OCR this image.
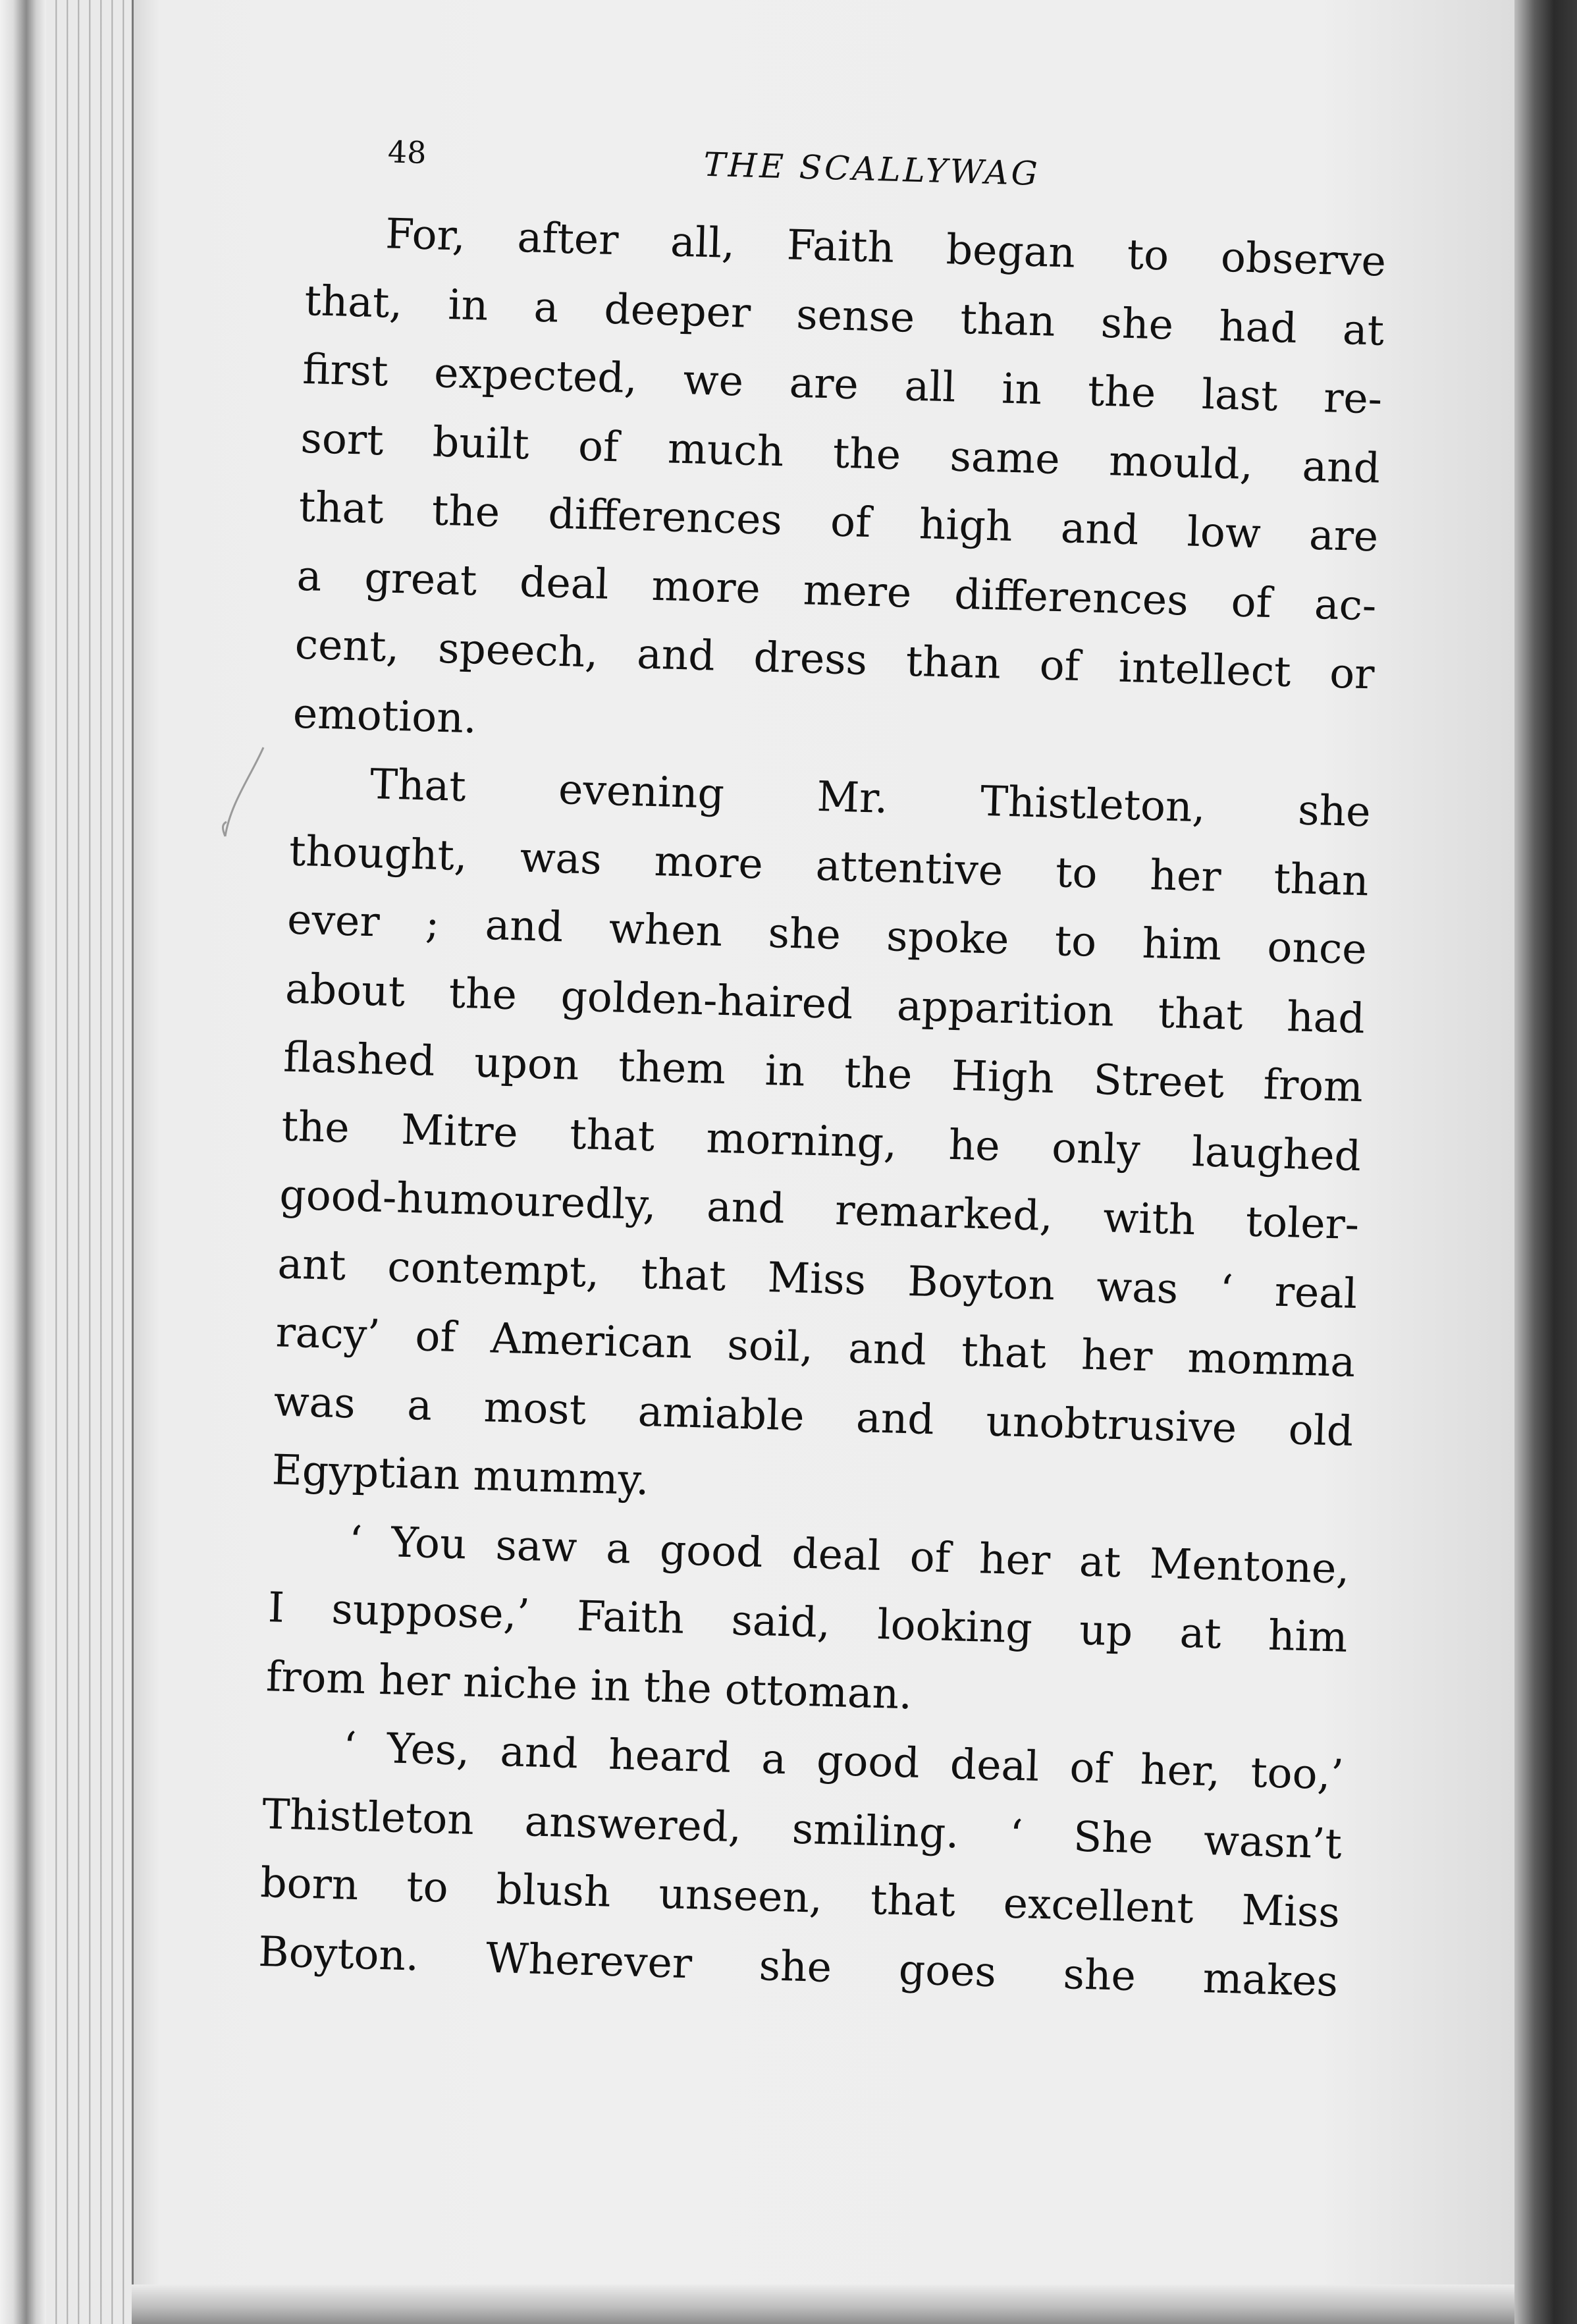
48	THE SCALLYWAG
For, after all, Faith began to observe
that, in a deeper sense than she had at
first expected, we are all in the last re-
sort built of much the same mould, and
that the differences of high and low are
a great deal more mere differences of ac-
cent, speech, and dress than of intellect or
emotion.
That evening Mr. Thistleton, she
thought, was more attentive to her than
ever ; and when she spoke to him once
about the golden-haired apparition that had
flashed upon them in the High Street from
the Mitre that morning, he only laughed
good-humouredly, and remarked, with toler-
ant contempt, that Miss Boyton was ‘ real
racy’ of American soil, and that her momma
was a most amiable and unobtrusive old
Egyptian mummy.
‘ You saw a good deal of her at Mentone,
I suppose,’ Faith said, looking up at him
from her niche in the ottoman.
‘ Yes, and heard a good deal of her, too,’
Thistleton answered, smiling. ‘ She wasn’t
born to blush unseen, that excellent Miss
Boyton. Wherever she goes she makes
